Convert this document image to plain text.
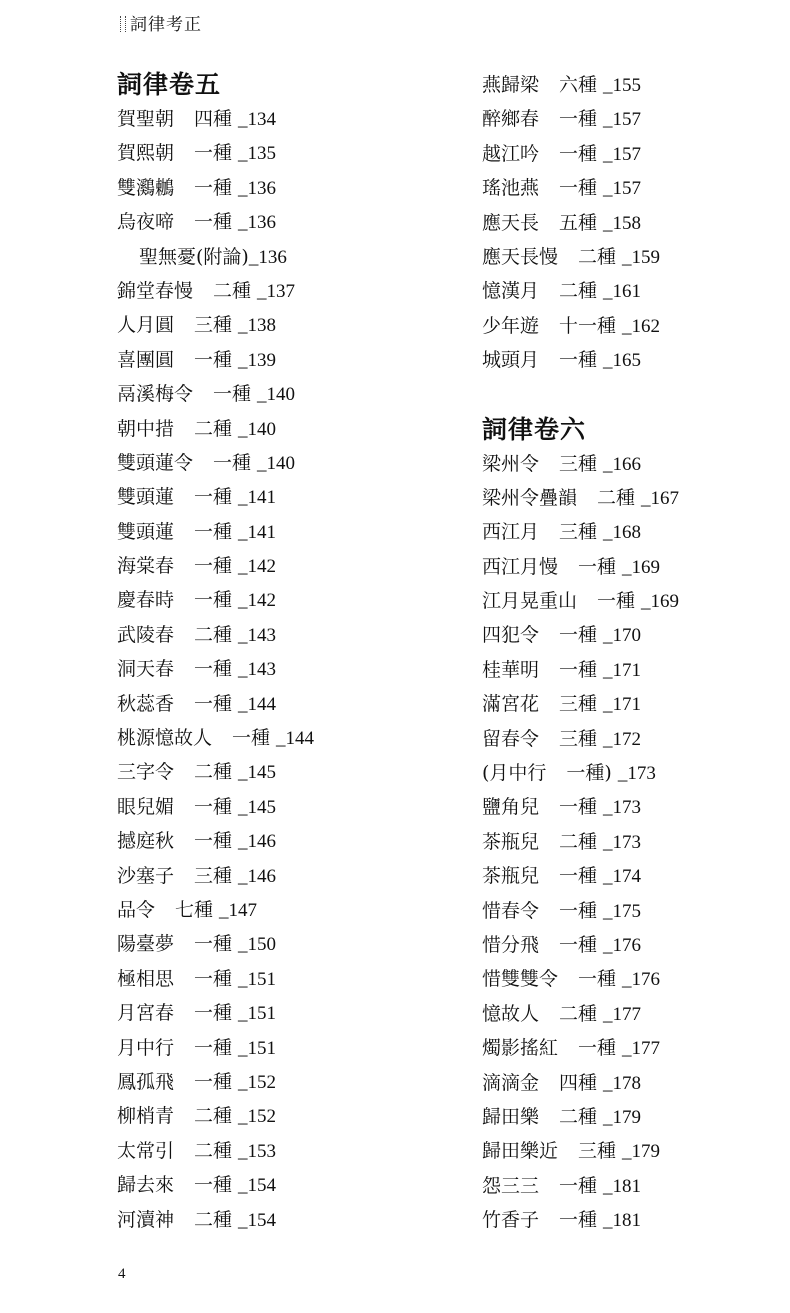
詞律考正
詞律卷五
賀聖朝 四種 _134
賀熙朝 一種 _135
雙鸂鶒 一種 _136
烏夜啼 一種 _136
聖無憂(附論)_136
錦堂春慢 二種 _137
人月圓 三種 _138
喜團圓 一種 _139
鬲溪梅令 一種 _140
朝中措 二種 _140
雙頭蓮令 一種 _140
雙頭蓮 一種 _141
雙頭蓮 一種 _141
海棠春 一種 _142
慶春時 一種 _142
武陵春 二種 _143
洞天春 一種 _143
秋蕊香 一種 _144
桃源憶故人 一種 _144
三字令 二種 _145
眼兒媚 一種 _145
撼庭秋 一種 _146
沙塞子 三種 _146
品令 七種 _147
陽臺夢 一種 _150
極相思 一種 _151
月宮春 一種 _151
月中行 一種 _151
鳳孤飛 一種 _152
柳梢青 二種 _152
太常引 二種 _153
歸去來 一種 _154
河瀆神 二種 _154
燕歸梁 六種 _155
醉鄉春 一種 _157
越江吟 一種 _157
瑤池燕 一種 _157
應天長 五種 _158
應天長慢 二種 _159
憶漢月 二種 _161
少年遊 十一種 _162
城頭月 一種 _165
詞律卷六
梁州令 三種 _166
梁州令疊韻 二種 _167
西江月 三種 _168
西江月慢 一種 _169
江月晃重山 一種 _169
四犯令 一種 _170
桂華明 一種 _171
滿宮花 三種 _171
留春令 三種 _172
(月中行 一種) _173
鹽角兒 一種 _173
茶瓶兒 二種 _173
茶瓶兒 一種 _174
惜春令 一種 _175
惜分飛 一種 _176
惜雙雙令 一種 _176
憶故人 二種 _177
燭影搖紅 一種 _177
滴滴金 四種 _178
歸田樂 二種 _179
歸田樂近 三種 _179
怨三三 一種 _181
竹香子 一種 _181
4
